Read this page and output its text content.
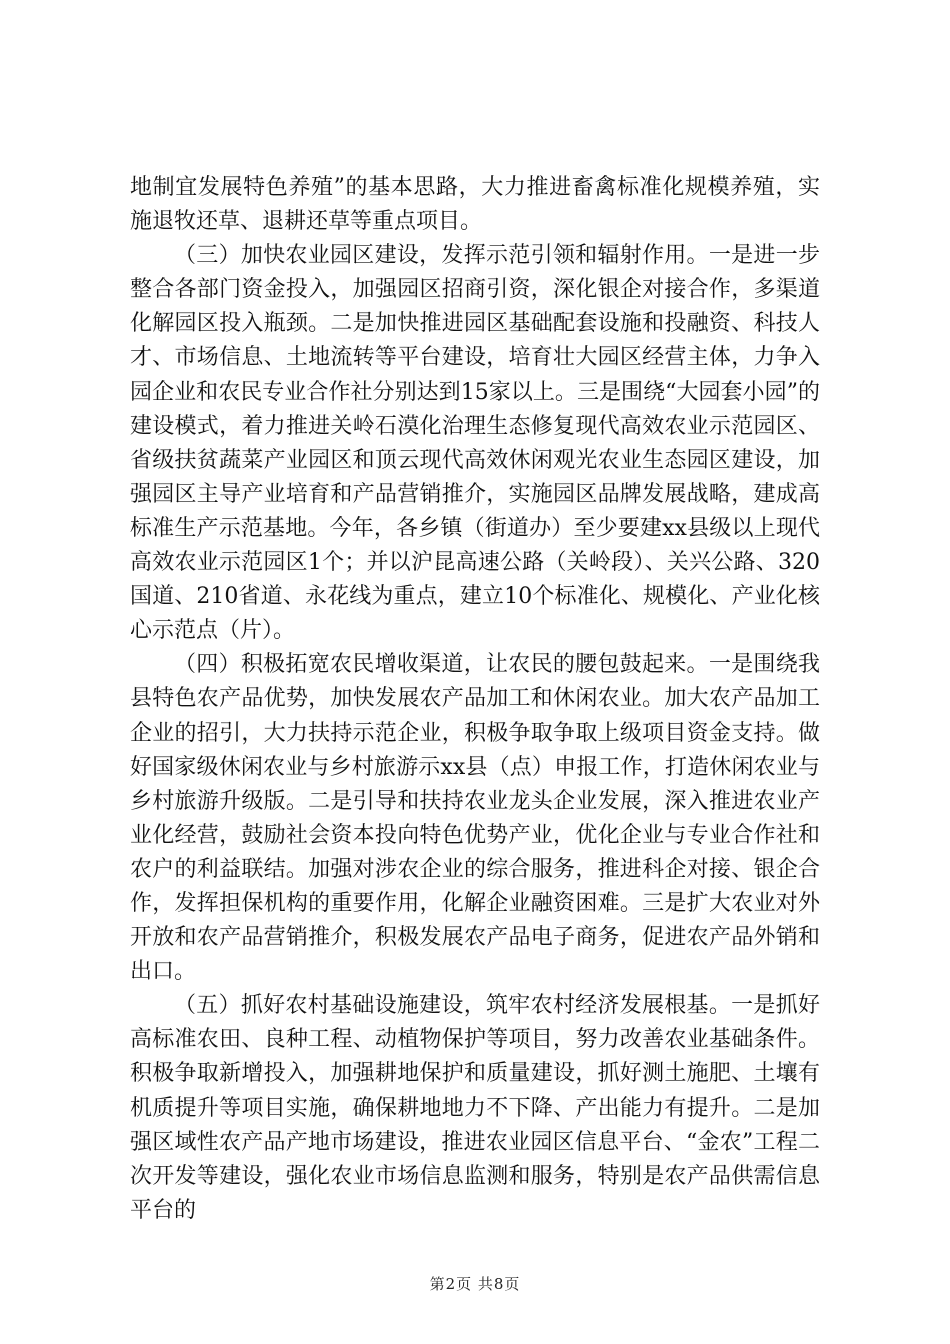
地制宜发展特色养殖”的基本思路，大力推进畜禽标准化规模养殖，实施退牧还草、退耕还草等重点项目。

（三）加快农业园区建设，发挥示范引领和辐射作用。一是进一步整合各部门资金投入，加强园区招商引资，深化银企对接合作，多渠道化解园区投入瓶颈。二是加快推进园区基础配套设施和投融资、科技人才、市场信息、土地流转等平台建设，培育壮大园区经营主体，力争入园企业和农民专业合作社分别达到15家以上。三是围绕“大园套小园”的建设模式，着力推进关岭石漠化治理生态修复现代高效农业示范园区、省级扶贫蔬菜产业园区和顶云现代高效休闲观光农业生态园区建设，加强园区主导产业培育和产品营销推介，实施园区品牌发展战略，建成高标准生产示范基地。今年，各乡镇（街道办）至少要建xx县级以上现代高效农业示范园区1个；并以沪昆高速公路（关岭段）、关兴公路、320国道、210省道、永花线为重点，建立10个标准化、规模化、产业化核心示范点（片）。

（四）积极拓宽农民增收渠道，让农民的腰包鼓起来。一是围绕我县特色农产品优势，加快发展农产品加工和休闲农业。加大农产品加工企业的招引，大力扶持示范企业，积极争取争取上级项目资金支持。做好国家级休闲农业与乡村旅游示xx县（点）申报工作，打造休闲农业与乡村旅游升级版。二是引导和扶持农业龙头企业发展，深入推进农业产业化经营，鼓励社会资本投向特色优势产业，优化企业与专业合作社和农户的利益联结。加强对涉农企业的综合服务，推进科企对接、银企合作，发挥担保机构的重要作用，化解企业融资困难。三是扩大农业对外开放和农产品营销推介，积极发展农产品电子商务，促进农产品外销和出口。

（五）抓好农村基础设施建设，筑牢农村经济发展根基。一是抓好高标准农田、良种工程、动植物保护等项目，努力改善农业基础条件。积极争取新增投入，加强耕地保护和质量建设，抓好测土施肥、土壤有机质提升等项目实施，确保耕地地力不下降、产出能力有提升。二是加强区域性农产品产地市场建设，推进农业园区信息平台、“金农”工程二次开发等建设，强化农业市场信息监测和服务，特别是农产品供需信息平台的

第2页 共8页
